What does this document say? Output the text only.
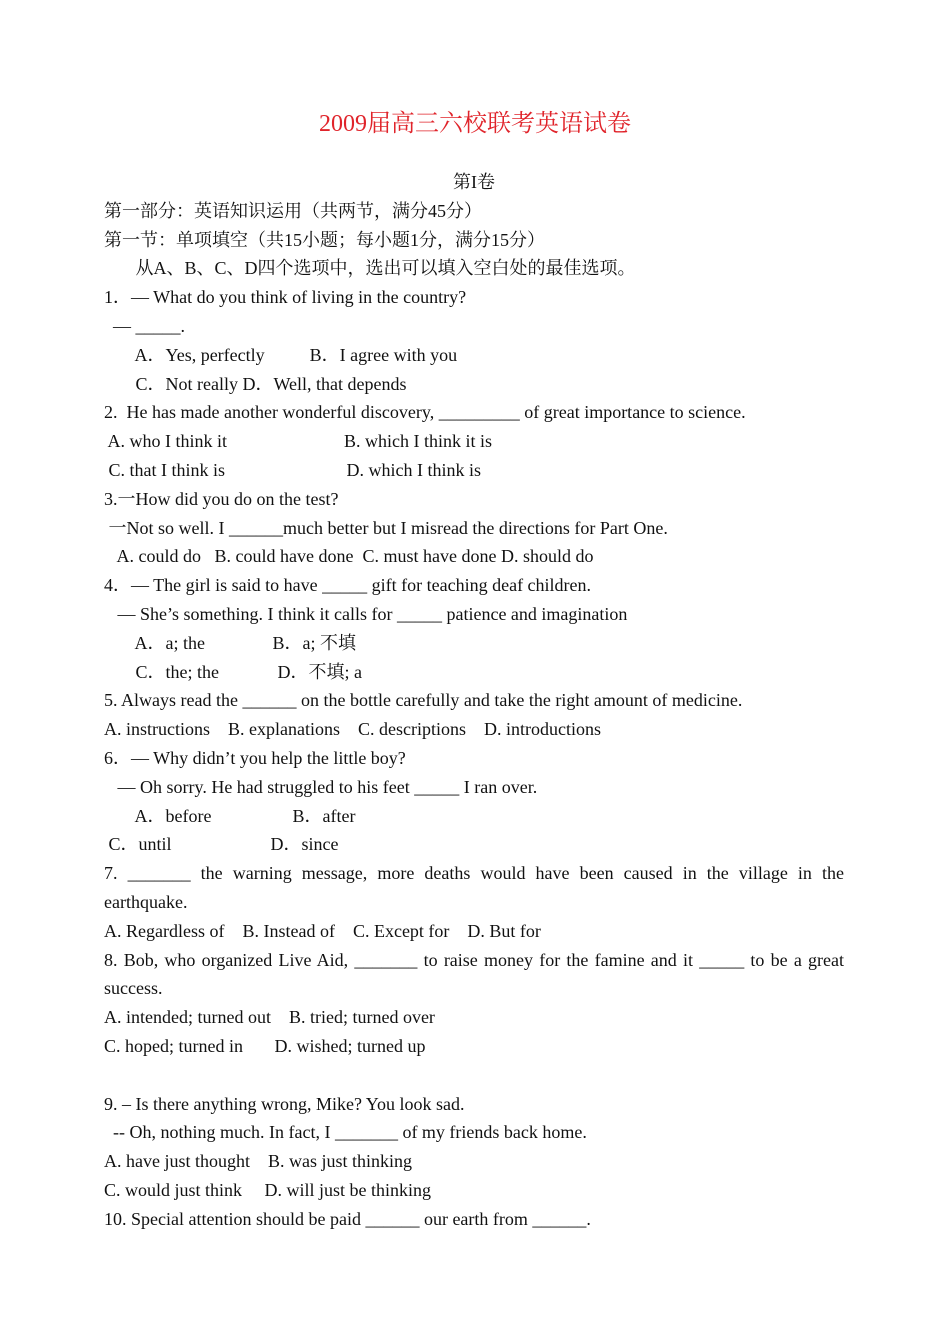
2009届高三六校联考英语试卷
第I卷
第一部分：英语知识运用（共两节，满分45分）
第一节：单项填空（共15小题；每小题1分，满分15分）
从A、B、C、D四个选项中，选出可以填入空白处的最佳选项。
1．— What do you think of living in the country?
— _____.
A．Yes, perfectly          B．I agree with you
C．Not really D．Well, that depends
2.  He has made another wonderful discovery, _________ of great importance to science.
A. who I think it                          B. which I think it is
C. that I think is                           D. which I think is
3.一How did you do on the test?
一Not so well. I ______much better but I misread the directions for Part One.
A. could do   B. could have done  C. must have done D. should do
4．— The girl is said to have _____ gift for teaching deaf children.
— She’s something. I think it calls for _____ patience and imagination
A．a; the               B．a; 不填
C．the; the             D．不填; a
5. Always read the ______ on the bottle carefully and take the right amount of medicine.
A. instructions    B. explanations    C. descriptions    D. introductions
6．— Why didn’t you help the little boy?
— Oh sorry. He had struggled to his feet _____ I ran over.
A．before                  B．after
C．until                      D．since
7. _______ the warning message, more deaths would have been caused in the village in the earthquake.
A. Regardless of    B. Instead of    C. Except for    D. But for
8. Bob, who organized Live Aid, _______ to raise money for the famine and it _____ to be a great success.
A. intended; turned out    B. tried; turned over
C. hoped; turned in       D. wished; turned up
9. – Is there anything wrong, Mike? You look sad.
-- Oh, nothing much. In fact, I _______ of my friends back home.
A. have just thought    B. was just thinking
C. would just think     D. will just be thinking
10. Special attention should be paid ______ our earth from ______.
